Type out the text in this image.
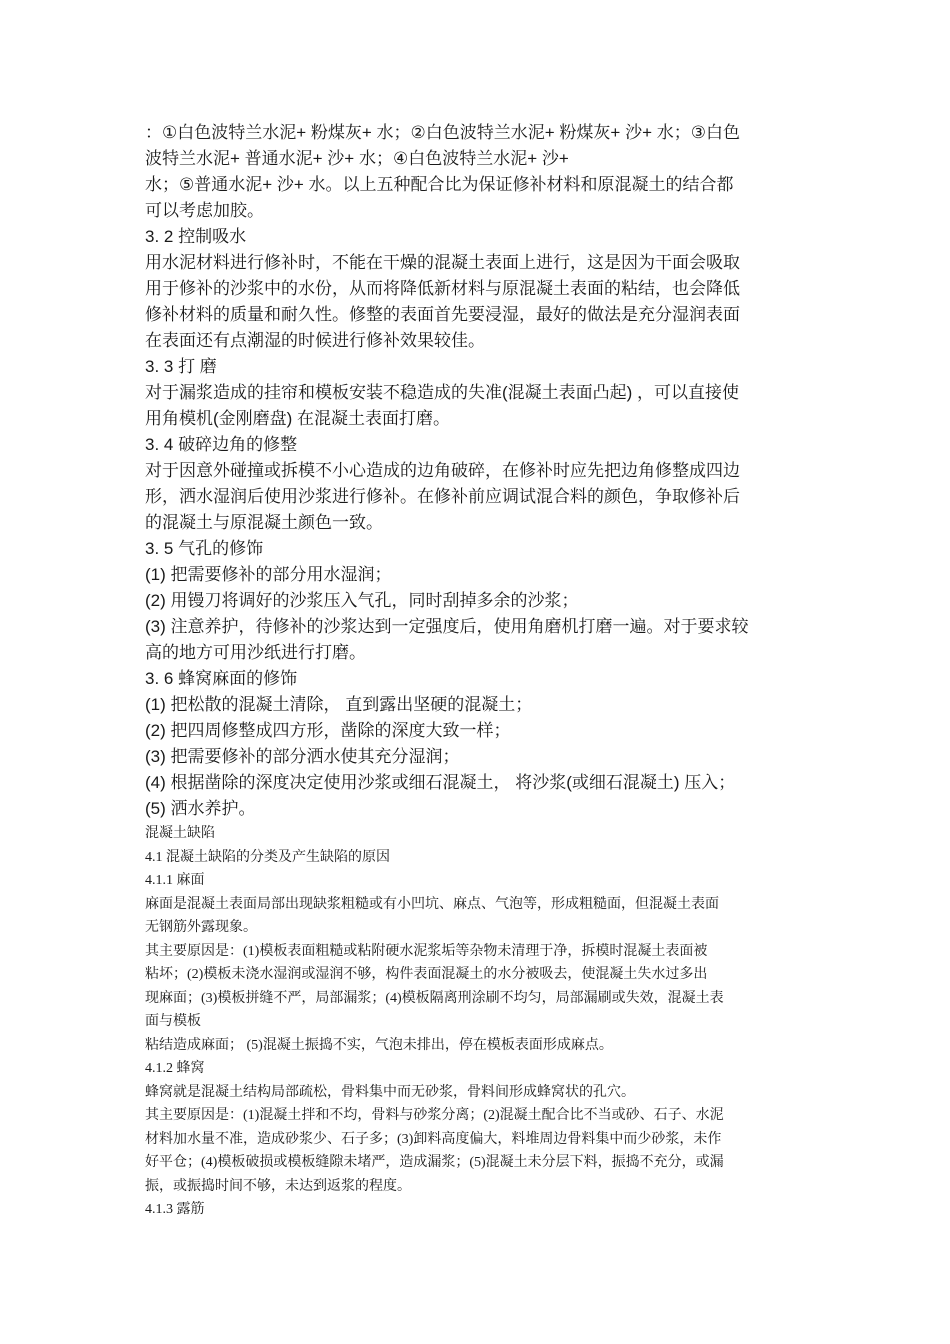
：①白色波特兰水泥+ 粉煤灰+ 水；②白色波特兰水泥+ 粉煤灰+ 沙+ 水；③白色

波特兰水泥+ 普通水泥+ 沙+ 水；④白色波特兰水泥+ 沙+

水；⑤普通水泥+ 沙+ 水。以上五种配合比为保证修补材料和原混凝土的结合都

可以考虑加胶。

3. 2 控制吸水

用水泥材料进行修补时，不能在干燥的混凝土表面上进行，这是因为干面会吸取

用于修补的沙浆中的水份，从而将降低新材料与原混凝土表面的粘结，也会降低

修补材料的质量和耐久性。修整的表面首先要浸湿，最好的做法是充分湿润表面

在表面还有点潮湿的时候进行修补效果较佳。

3. 3 打 磨

对于漏浆造成的挂帘和模板安装不稳造成的失准(混凝土表面凸起) ，可以直接使

用角模机(金刚磨盘) 在混凝土表面打磨。

3. 4 破碎边角的修整

对于因意外碰撞或拆模不小心造成的边角破碎，在修补时应先把边角修整成四边

形，洒水湿润后使用沙浆进行修补。在修补前应调试混合料的颜色，争取修补后

的混凝土与原混凝土颜色一致。

3. 5 气孔的修饰

(1) 把需要修补的部分用水湿润；

(2) 用镘刀将调好的沙浆压入气孔，同时刮掉多余的沙浆；

(3) 注意养护，待修补的沙浆达到一定强度后，使用角磨机打磨一遍。对于要求较

高的地方可用沙纸进行打磨。

3. 6 蜂窝麻面的修饰

(1) 把松散的混凝土清除， 直到露出坚硬的混凝土；

(2) 把四周修整成四方形，凿除的深度大致一样；

(3) 把需要修补的部分洒水使其充分湿润；

(4) 根据凿除的深度决定使用沙浆或细石混凝土， 将沙浆(或细石混凝土) 压入；

(5) 洒水养护。

混凝土缺陷

4.1 混凝土缺陷的分类及产生缺陷的原因

4.1.1 麻面

麻面是混凝土表面局部出现缺浆粗糙或有小凹坑、麻点、气泡等，形成粗糙面，但混凝土表面

无钢筋外露现象。

其主要原因是：(1)模板表面粗糙或粘附硬水泥浆垢等杂物未清理于净，拆模时混凝土表面被

粘坏；(2)模板未浇水湿润或湿润不够，构件表面混凝土的水分被吸去，使混凝土失水过多出

现麻面；(3)模板拼缝不严，局部漏浆；(4)模板隔离刑涂刷不均匀，局部漏刷或失效，混凝土表

面与模板

粘结造成麻面； (5)混凝土振捣不实，气泡未排出，停在模板表面形成麻点。

4.1.2 蜂窝

蜂窝就是混凝土结构局部疏松，骨料集中而无砂浆，骨料间形成蜂窝状的孔穴。

其主要原因是：(1)混凝土拌和不均，骨料与砂浆分离；(2)混凝土配合比不当或砂、石子、水泥

材料加水量不准，造成砂浆少、石子多；(3)卸料高度偏大，料堆周边骨料集中而少砂浆，未作

好平仓；(4)模板破损或模板缝隙未堵严，造成漏浆；(5)混凝土未分层下料，振捣不充分，或漏

振，或振捣时间不够，未达到返浆的程度。

4.1.3 露筋
